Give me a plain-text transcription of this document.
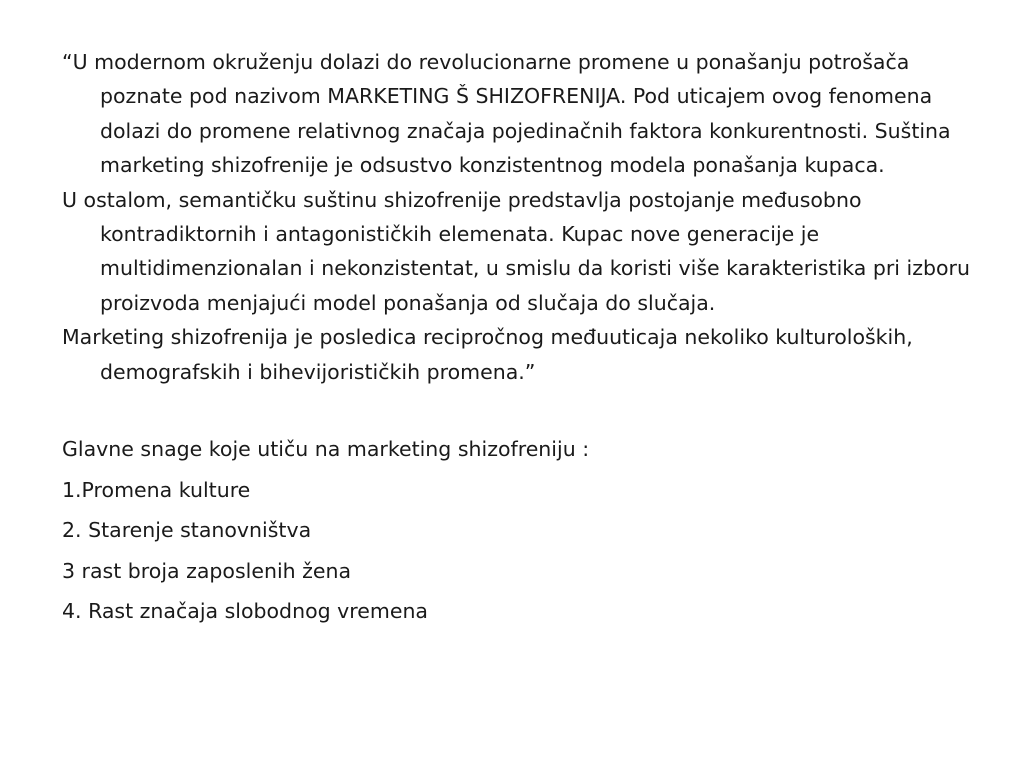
“U modernom okruženju dolazi do revolucionarne promene u ponašanju potrošača poznate pod nazivom MARKETING Š SHIZOFRENIJA. Pod uticajem ovog fenomena dolazi do promene relativnog značaja pojedinačnih faktora konkurentnosti. Suština marketing shizofrenije je odsustvo konzistentnog modela ponašanja kupaca.

U ostalom, semantičku suštinu shizofrenije predstavlja postojanje međusobno kontradiktornih i antagonističkih elemenata. Kupac nove generacije je multidimenzionalan i nekonzistentat, u smislu da koristi više karakteristika pri izboru proizvoda menjajući model ponašanja od slučaja do slučaja.

Marketing shizofrenija je posledica recipročnog međuuticaja nekoliko kulturoloških, demografskih i bihevijorističkih promena.”

Glavne snage koje utiču na marketing shizofreniju :

1.Promena kulture

2. Starenje stanovništva

3 rast broja zaposlenih žena

4. Rast značaja slobodnog vremena
